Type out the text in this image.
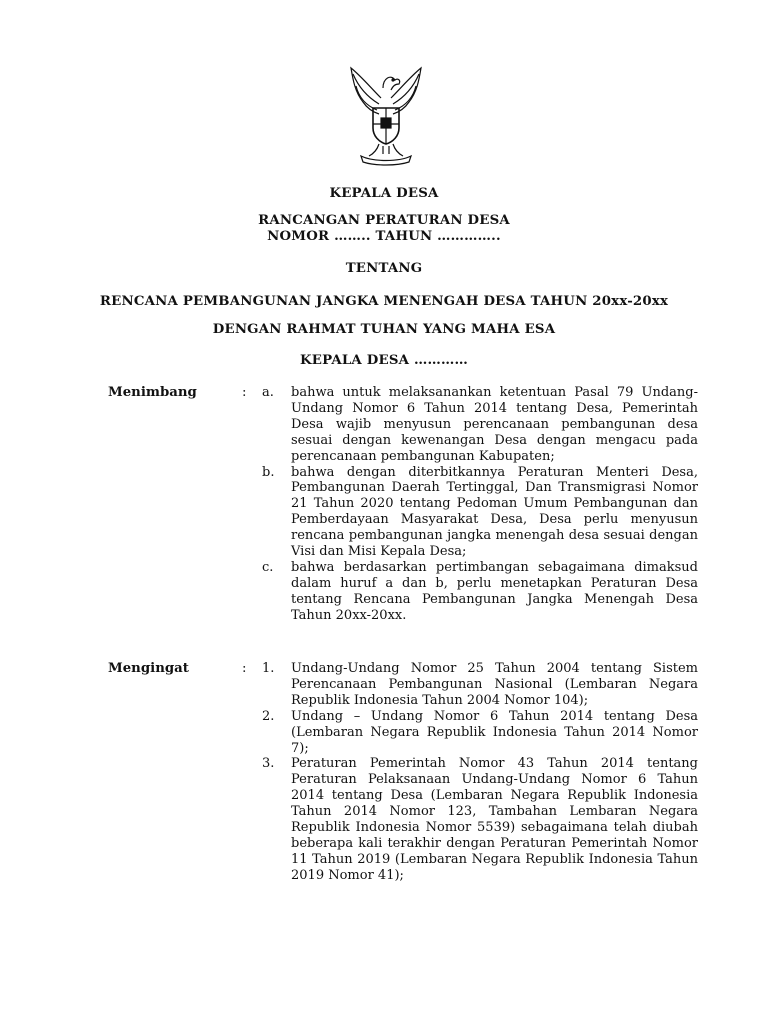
KEPALA DESA
RANCANGAN PERATURAN DESA
NOMOR …….. TAHUN …………..
TENTANG
RENCANA PEMBANGUNAN JANGKA MENENGAH DESA TAHUN 20xx-20xx
DENGAN RAHMAT TUHAN YANG MAHA ESA
KEPALA DESA …………
Menimbang	: a.	bahwa untuk melaksanankan ketentuan Pasal 79 Undang-Undang Nomor 6 Tahun 2014 tentang Desa, Pemerintah Desa wajib menyusun perencanaan pembangunan desa sesuai dengan kewenangan Desa dengan mengacu pada perencanaan pembangunan Kabupaten;
b.	bahwa dengan diterbitkannya Peraturan Menteri Desa, Pembangunan Daerah Tertinggal, Dan Transmigrasi Nomor 21 Tahun 2020 tentang Pedoman Umum Pembangunan dan Pemberdayaan Masyarakat Desa, Desa perlu menyusun rencana pembangunan jangka menengah desa sesuai dengan Visi dan Misi Kepala Desa;
c.	bahwa berdasarkan pertimbangan sebagaimana dimaksud dalam huruf a dan b, perlu menetapkan Peraturan Desa tentang Rencana Pembangunan Jangka Menengah Desa Tahun 20xx-20xx.
Mengingat	: 1.	Undang-Undang Nomor 25 Tahun 2004 tentang Sistem Perencanaan Pembangunan Nasional (Lembaran Negara Republik Indonesia Tahun 2004 Nomor 104);
2.	Undang – Undang Nomor 6 Tahun 2014 tentang Desa (Lembaran Negara Republik Indonesia Tahun 2014 Nomor 7);
3.	Peraturan Pemerintah Nomor 43 Tahun 2014 tentang Peraturan Pelaksanaan Undang-Undang Nomor 6 Tahun 2014 tentang Desa (Lembaran Negara Republik Indonesia Tahun 2014 Nomor 123, Tambahan Lembaran Negara Republik Indonesia Nomor 5539) sebagaimana telah diubah beberapa kali terakhir dengan Peraturan Pemerintah Nomor 11 Tahun 2019 (Lembaran Negara Republik Indonesia Tahun 2019 Nomor 41);
